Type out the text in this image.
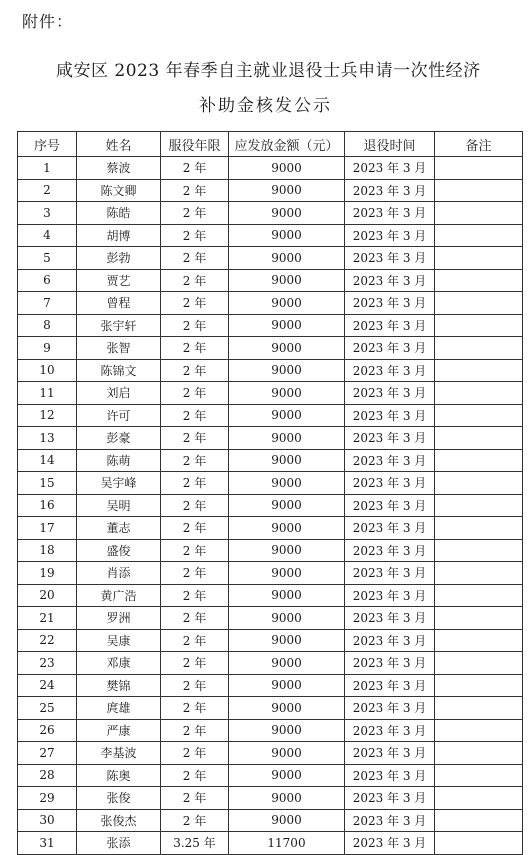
附件：
咸安区 2023 年春季自主就业退役士兵申请一次性经济
补助金核发公示
序号	姓名	服役年限	应发放金额（元）	退役时间	备注
1	蔡波	2 年	9000	2023 年 3 月	
2	陈文卿	2 年	9000	2023 年 3 月	
3	陈皓	2 年	9000	2023 年 3 月	
4	胡博	2 年	9000	2023 年 3 月	
5	彭勃	2 年	9000	2023 年 3 月	
6	贾艺	2 年	9000	2023 年 3 月	
7	曾程	2 年	9000	2023 年 3 月	
8	张宇轩	2 年	9000	2023 年 3 月	
9	张智	2 年	9000	2023 年 3 月	
10	陈锦文	2 年	9000	2023 年 3 月	
11	刘启	2 年	9000	2023 年 3 月	
12	许可	2 年	9000	2023 年 3 月	
13	彭豪	2 年	9000	2023 年 3 月	
14	陈萌	2 年	9000	2023 年 3 月	
15	吴宇峰	2 年	9000	2023 年 3 月	
16	吴明	2 年	9000	2023 年 3 月	
17	董志	2 年	9000	2023 年 3 月	
18	盛俊	2 年	9000	2023 年 3 月	
19	肖添	2 年	9000	2023 年 3 月	
20	黄广浩	2 年	9000	2023 年 3 月	
21	罗洲	2 年	9000	2023 年 3 月	
22	吴康	2 年	9000	2023 年 3 月	
23	邓康	2 年	9000	2023 年 3 月	
24	樊锦	2 年	9000	2023 年 3 月	
25	庹雄	2 年	9000	2023 年 3 月	
26	严康	2 年	9000	2023 年 3 月	
27	李基波	2 年	9000	2023 年 3 月	
28	陈奥	2 年	9000	2023 年 3 月	
29	张俊	2 年	9000	2023 年 3 月	
30	张俊杰	2 年	9000	2023 年 3 月	
31	张添	3.25 年	11700	2023 年 3 月	
